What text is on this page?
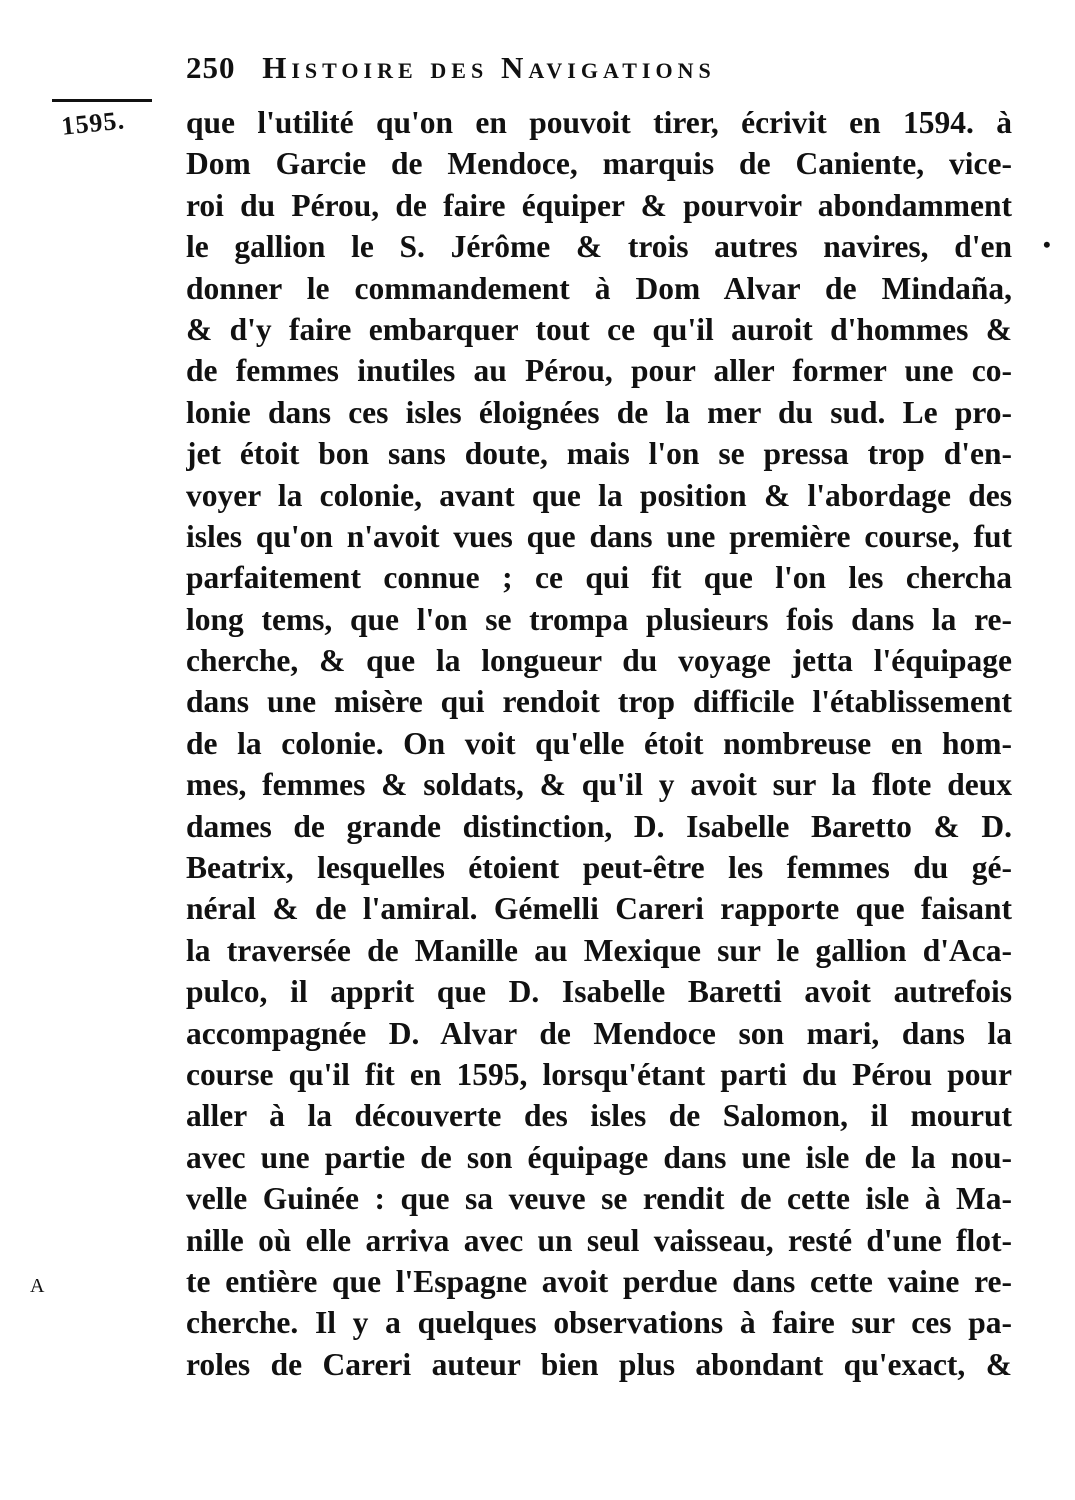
250 Histoire des Navigations
1595.
A
•
que l'utilité qu'on en pouvoit tirer, écrivit en 1594. à
Dom Garcie de Mendoce, marquis de Caniente, vice-
roi du Pérou, de faire équiper & pourvoir abondamment
le gallion le S. Jérôme & trois autres navires, d'en
donner le commandement à Dom Alvar de Mindaña,
& d'y faire embarquer tout ce qu'il auroit d'hommes &
de femmes inutiles au Pérou, pour aller former une co-
lonie dans ces isles éloignées de la mer du sud. Le pro-
jet étoit bon sans doute, mais l'on se pressa trop d'en-
voyer la colonie, avant que la position & l'abordage des
isles qu'on n'avoit vues que dans une première course, fut
parfaitement connue ; ce qui fit que l'on les chercha
long tems, que l'on se trompa plusieurs fois dans la re-
cherche, & que la longueur du voyage jetta l'équipage
dans une misère qui rendoit trop difficile l'établissement
de la colonie. On voit qu'elle étoit nombreuse en hom-
mes, femmes & soldats, & qu'il y avoit sur la flote deux
dames de grande distinction, D. Isabelle Baretto & D.
Beatrix, lesquelles étoient peut-être les femmes du gé-
néral & de l'amiral. Gémelli Careri rapporte que faisant
la traversée de Manille au Mexique sur le gallion d'Aca-
pulco, il apprit que D. Isabelle Baretti avoit autrefois
accompagnée D. Alvar de Mendoce son mari, dans la
course qu'il fit en 1595, lorsqu'étant parti du Pérou pour
aller à la découverte des isles de Salomon, il mourut
avec une partie de son équipage dans une isle de la nou-
velle Guinée : que sa veuve se rendit de cette isle à Ma-
nille où elle arriva avec un seul vaisseau, resté d'une flot-
te entière que l'Espagne avoit perdue dans cette vaine re-
cherche. Il y a quelques observations à faire sur ces pa-
roles de Careri auteur bien plus abondant qu'exact, &
